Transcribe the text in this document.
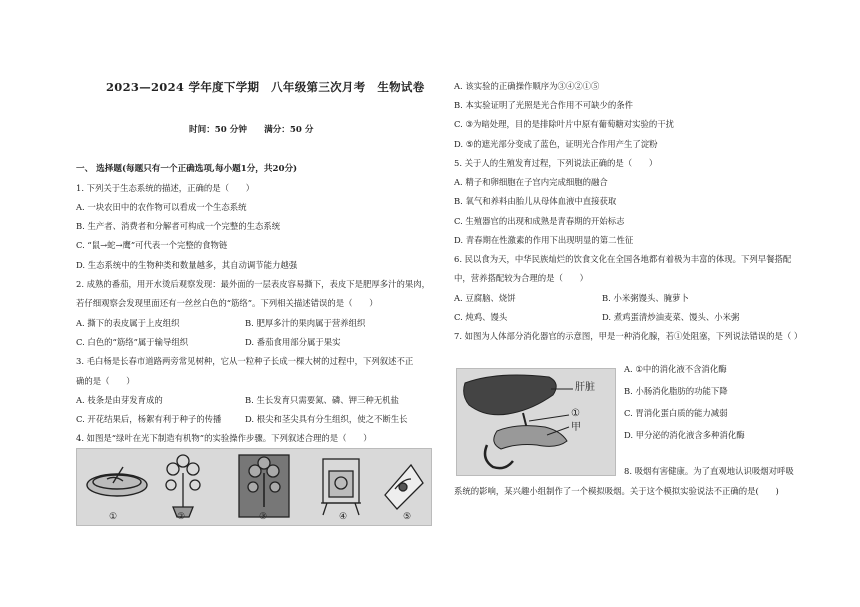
2023—2024 学年度下学期　八年级第三次月考　生物试卷
时间：50 分钟　　满分：50 分
一、 选择题(每题只有一个正确选项,每小题1分，共20分)
1. 下列关于生态系统的描述，正确的是（　　）
A. 一块农田中的农作物可以看成一个生态系统
B. 生产者、消费者和分解者可构成一个完整的生态系统
C. “鼠→蛇→鹰”可代表一个完整的食物链
D. 生态系统中的生物种类和数量越多，其自动调节能力越强
2. 成熟的番茄，用开水烫后观察发现：最外面的一层表皮容易撕下，表皮下是肥厚多汁的果肉，
若仔细观察会发现里面还有一丝丝白色的“筋络”。下列相关描述错误的是（　　）
A. 撕下的表皮属于上皮组织	B. 肥厚多汁的果肉属于营养组织
C. 白色的“筋络”属于输导组织	D. 番茄食用部分属于果实
3. 毛白杨是长春市道路两旁常见树种，它从一粒种子长成一棵大树的过程中，下列叙述不正
确的是（　　）
A. 枝条是由芽发育成的	B. 生长发育只需要氮、磷、钾三种无机盐
C. 开花结果后，杨絮有利于种子的传播	D. 根尖和茎尖具有分生组织，使之不断生长
4. 如图是“绿叶在光下制造有机物”的实验操作步骤。下列叙述合理的是（　　）
①	②	③	④	⑤
A. 该实验的正确操作顺序为③④②①⑤
B. 本实验证明了光照是光合作用不可缺少的条件
C. ③为暗处理，目的是排除叶片中原有葡萄糖对实验的干扰
D. ⑤的遮光部分变成了蓝色，证明光合作用产生了淀粉
5. 关于人的生殖发育过程，下列说法正确的是（　　）
A. 精子和卵细胞在子宫内完成细胞的融合
B. 氧气和养料由胎儿从母体血液中直接获取
C. 生殖器官的出现和成熟是青春期的开始标志
D. 青春期在性激素的作用下出现明显的第二性征
6. 民以食为天，中华民族灿烂的饮食文化在全国各地都有着极为丰富的体现。下列早餐搭配
中，营养搭配较为合理的是（　　）
A. 豆腐脑、烧饼	B. 小米粥馒头、腌萝卜
C. 炖鸡、馒头	D. 煮鸡蛋清炒油麦菜、馒头、小米粥
7. 如图为人体部分消化器官的示意图，甲是一种消化腺，若①处阻塞，下列说法错误的是（ ）
A. ①中的消化液不含消化酶
B. 小肠消化脂肪的功能下降
C. 胃消化蛋白质的能力减弱
D. 甲分泌的消化液含多种消化酶
8. 吸烟有害健康。为了直观地认识吸烟对呼吸
系统的影响，某兴趣小组制作了一个模拟吸烟。关于这个模拟实验说法不正确的是(　　)
肝脏
①
甲
